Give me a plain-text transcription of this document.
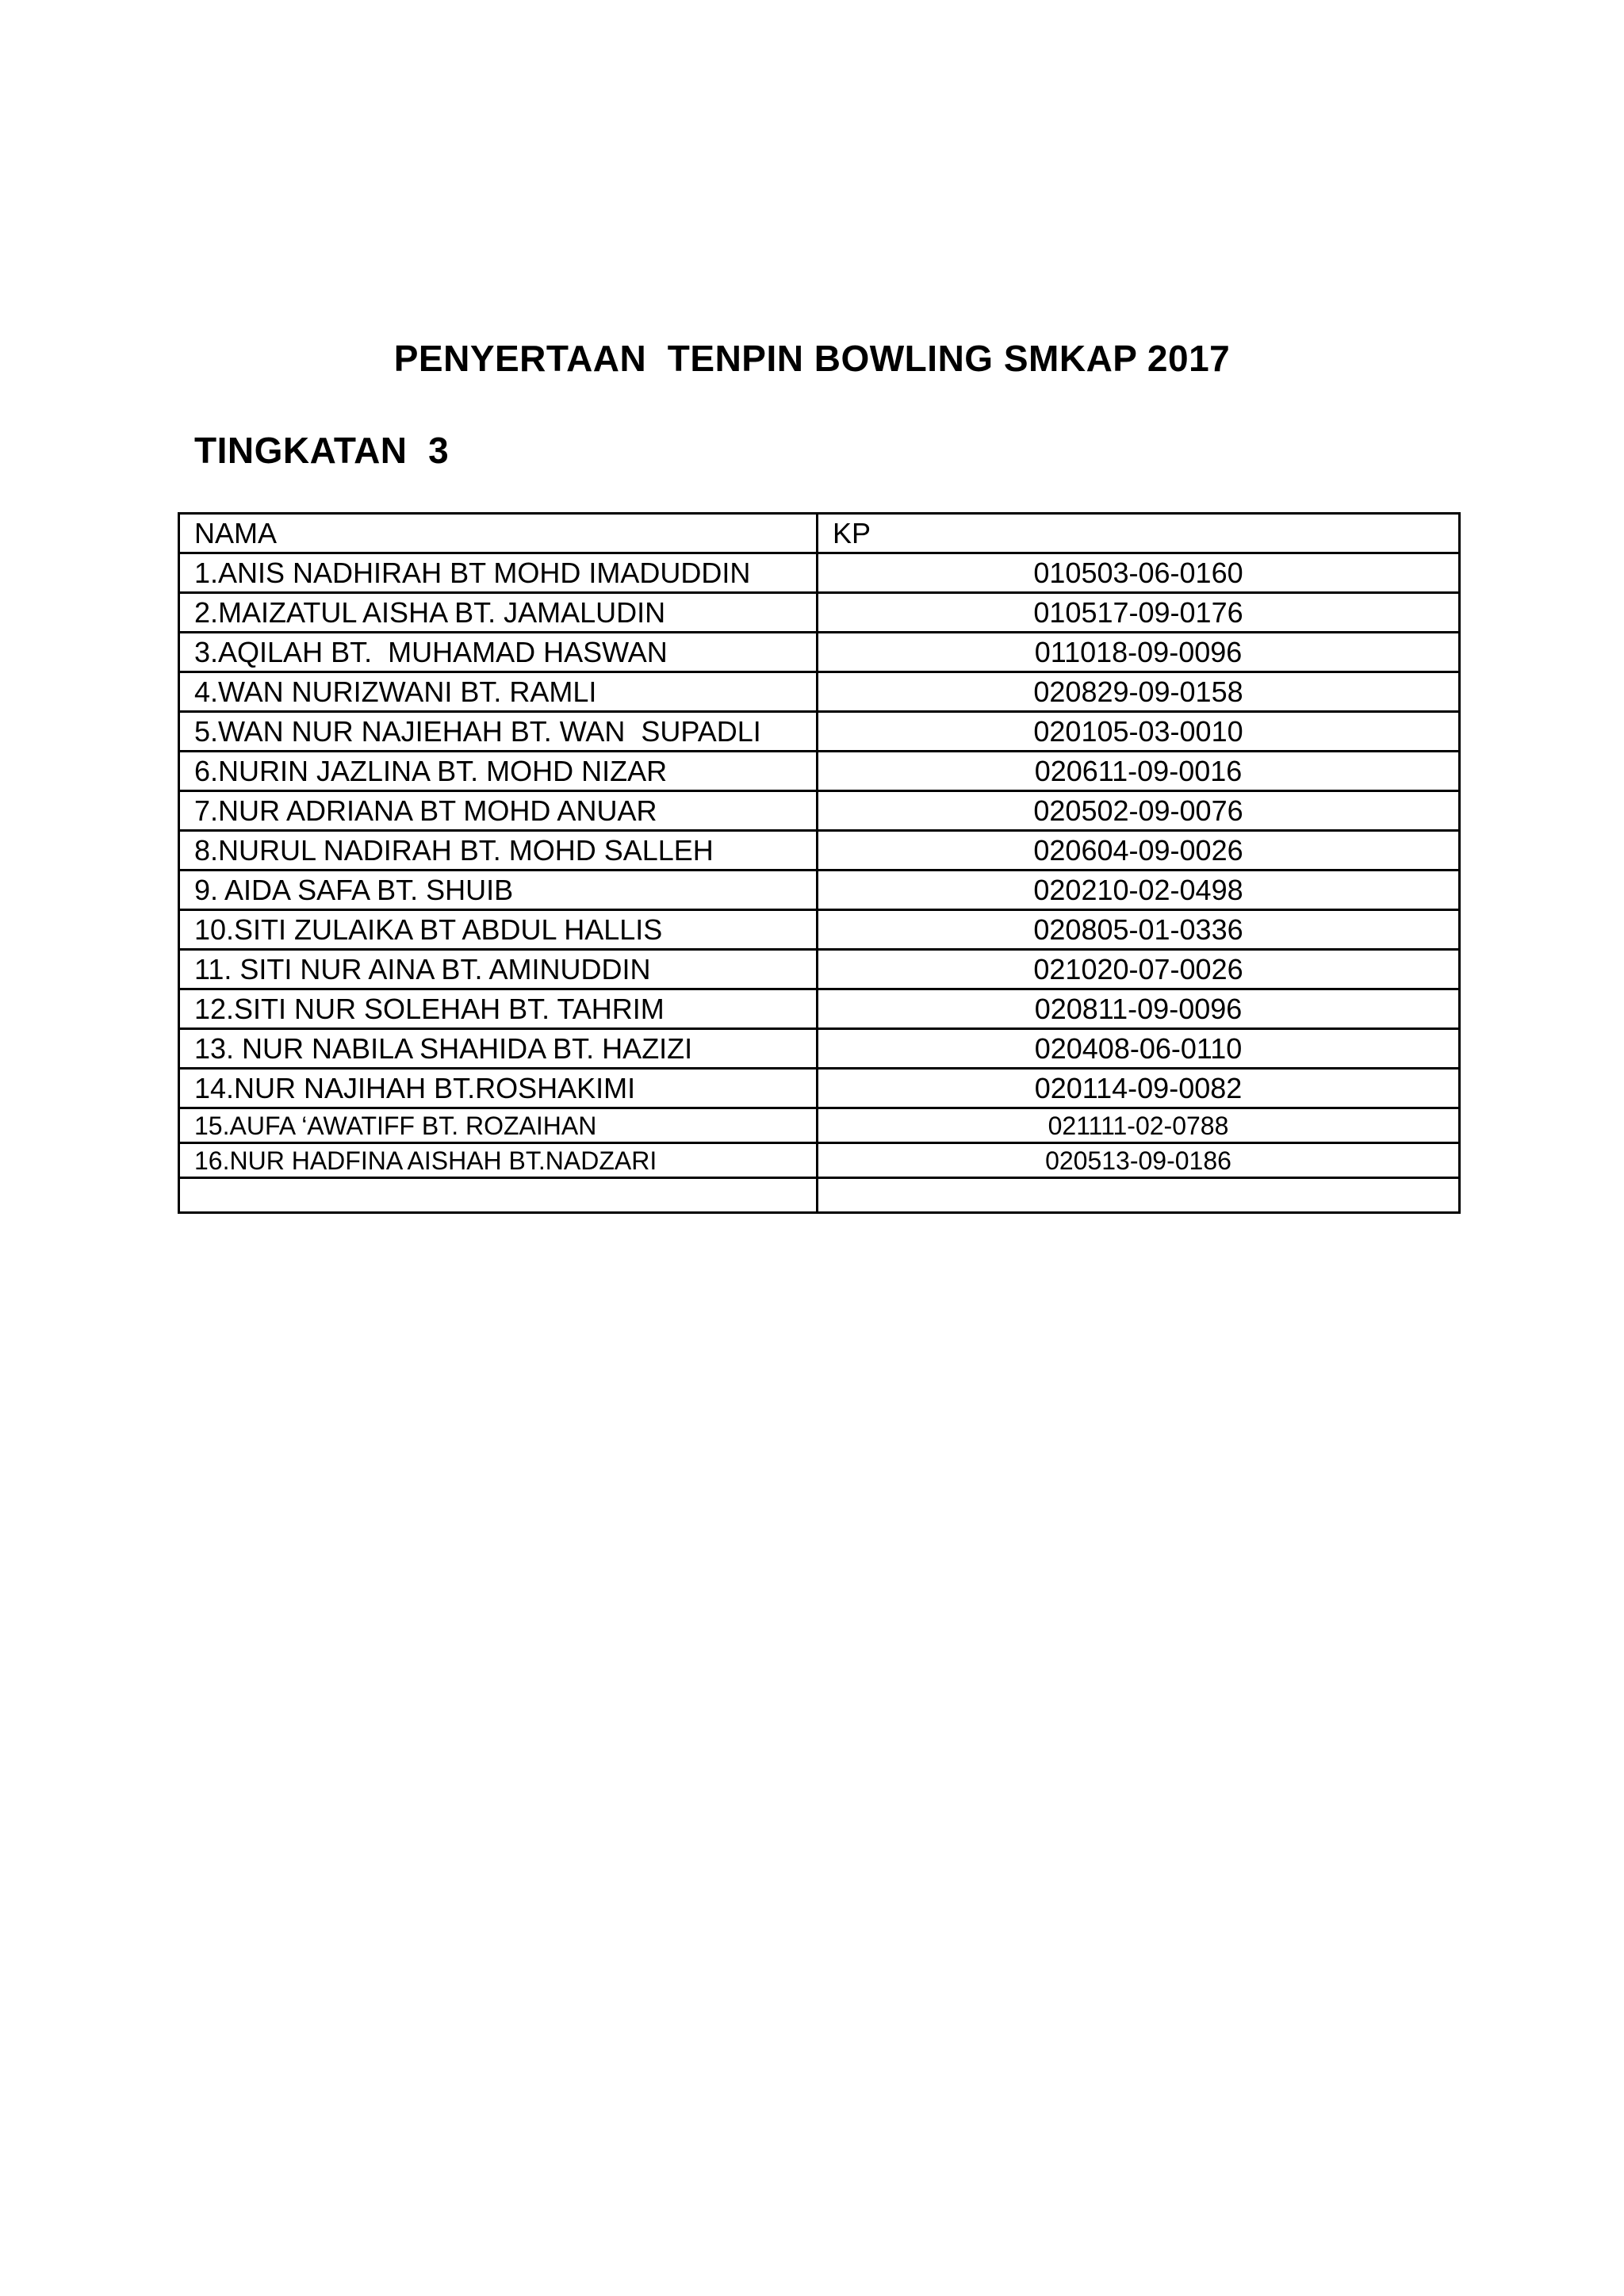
PENYERTAAN  TENPIN BOWLING SMKAP 2017
TINGKATAN  3
NAMA	KP
1.ANIS NADHIRAH BT MOHD IMADUDDIN	010503-06-0160
2.MAIZATUL AISHA BT. JAMALUDIN	010517-09-0176
3.AQILAH BT.  MUHAMAD HASWAN	011018-09-0096
4.WAN NURIZWANI BT. RAMLI	020829-09-0158
5.WAN NUR NAJIEHAH BT. WAN  SUPADLI	020105-03-0010
6.NURIN JAZLINA BT. MOHD NIZAR	020611-09-0016
7.NUR ADRIANA BT MOHD ANUAR	020502-09-0076
8.NURUL NADIRAH BT. MOHD SALLEH	020604-09-0026
9. AIDA SAFA BT. SHUIB	020210-02-0498
10.SITI ZULAIKA BT ABDUL HALLIS	020805-01-0336
11. SITI NUR AINA BT. AMINUDDIN	021020-07-0026
12.SITI NUR SOLEHAH BT. TAHRIM	020811-09-0096
13. NUR NABILA SHAHIDA BT. HAZIZI	020408-06-0110
14.NUR NAJIHAH BT.ROSHAKIMI	020114-09-0082
15.AUFA ‘AWATIFF BT. ROZAIHAN	021111-02-0788
16.NUR HADFINA AISHAH BT.NADZARI	020513-09-0186
